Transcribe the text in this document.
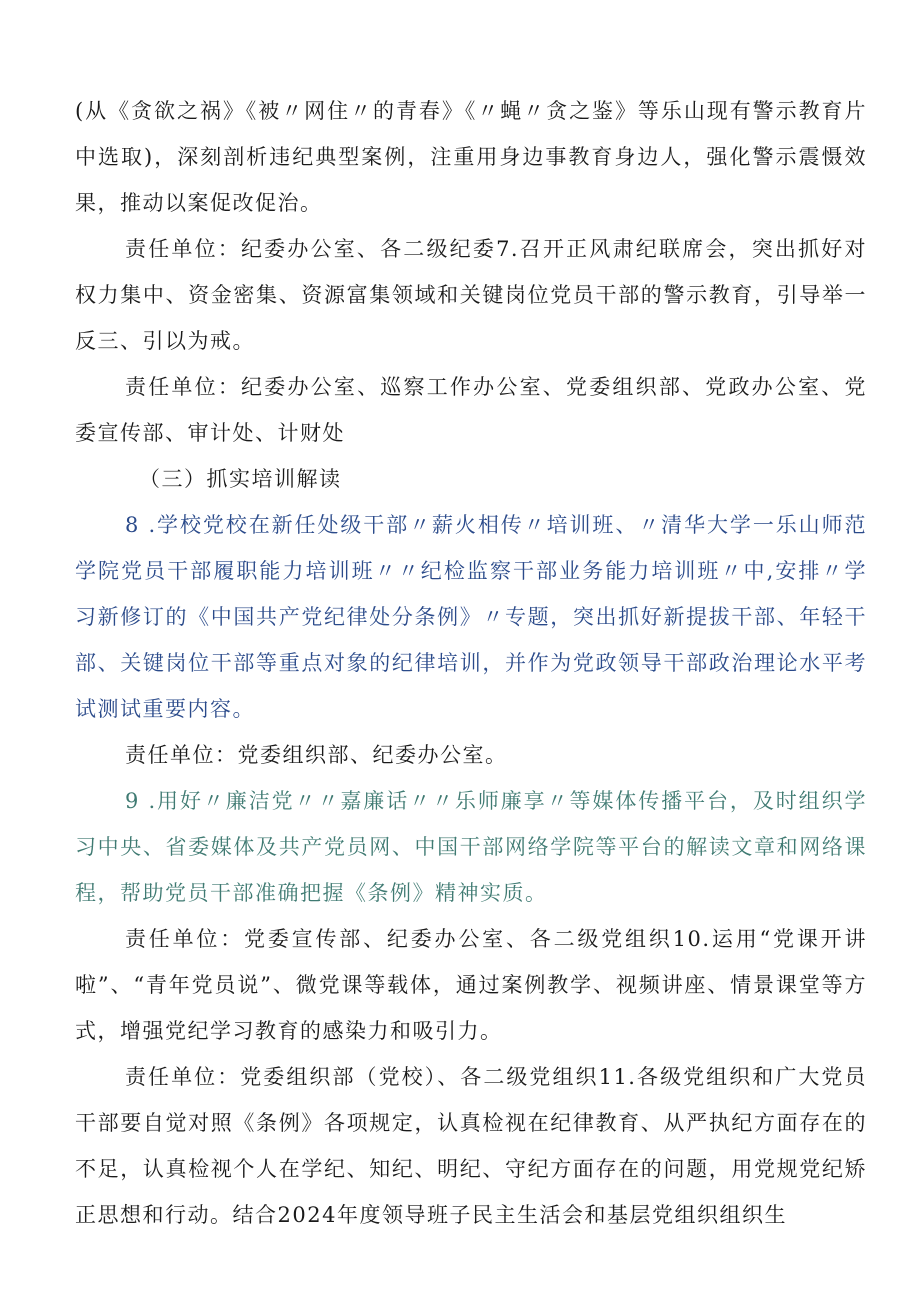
(从《贪欲之祸》《被〃网住〃的青春》《〃蝇〃贪之鉴》等乐山现有警示教育片中选取)，深刻剖析违纪典型案例，注重用身边事教育身边人，强化警示震慑效果，推动以案促改促治。

责任单位：纪委办公室、各二级纪委7.召开正风肃纪联席会，突出抓好对权力集中、资金密集、资源富集领域和关键岗位党员干部的警示教育，引导举一反三、引以为戒。

责任单位：纪委办公室、巡察工作办公室、党委组织部、党政办公室、党委宣传部、审计处、计财处

（三）抓实培训解读

8 .学校党校在新任处级干部〃薪火相传〃培训班、〃清华大学一乐山师范学院党员干部履职能力培训班〃〃纪检监察干部业务能力培训班〃中,安排〃学习新修订的《中国共产党纪律处分条例》〃专题，突出抓好新提拔干部、年轻干部、关键岗位干部等重点对象的纪律培训，并作为党政领导干部政治理论水平考试测试重要内容。

责任单位：党委组织部、纪委办公室。

9 .用好〃廉洁党〃〃嘉廉话〃〃乐师廉享〃等媒体传播平台，及时组织学习中央、省委媒体及共产党员网、中国干部网络学院等平台的解读文章和网络课程，帮助党员干部准确把握《条例》精神实质。

责任单位：党委宣传部、纪委办公室、各二级党组织10.运用“党课开讲啦”、“青年党员说”、微党课等载体，通过案例教学、视频讲座、情景课堂等方式，增强党纪学习教育的感染力和吸引力。

责任单位：党委组织部（党校）、各二级党组织11.各级党组织和广大党员干部要自觉对照《条例》各项规定，认真检视在纪律教育、从严执纪方面存在的不足，认真检视个人在学纪、知纪、明纪、守纪方面存在的问题，用党规党纪矫正思想和行动。结合2024年度领导班子民主生活会和基层党组织组织生
